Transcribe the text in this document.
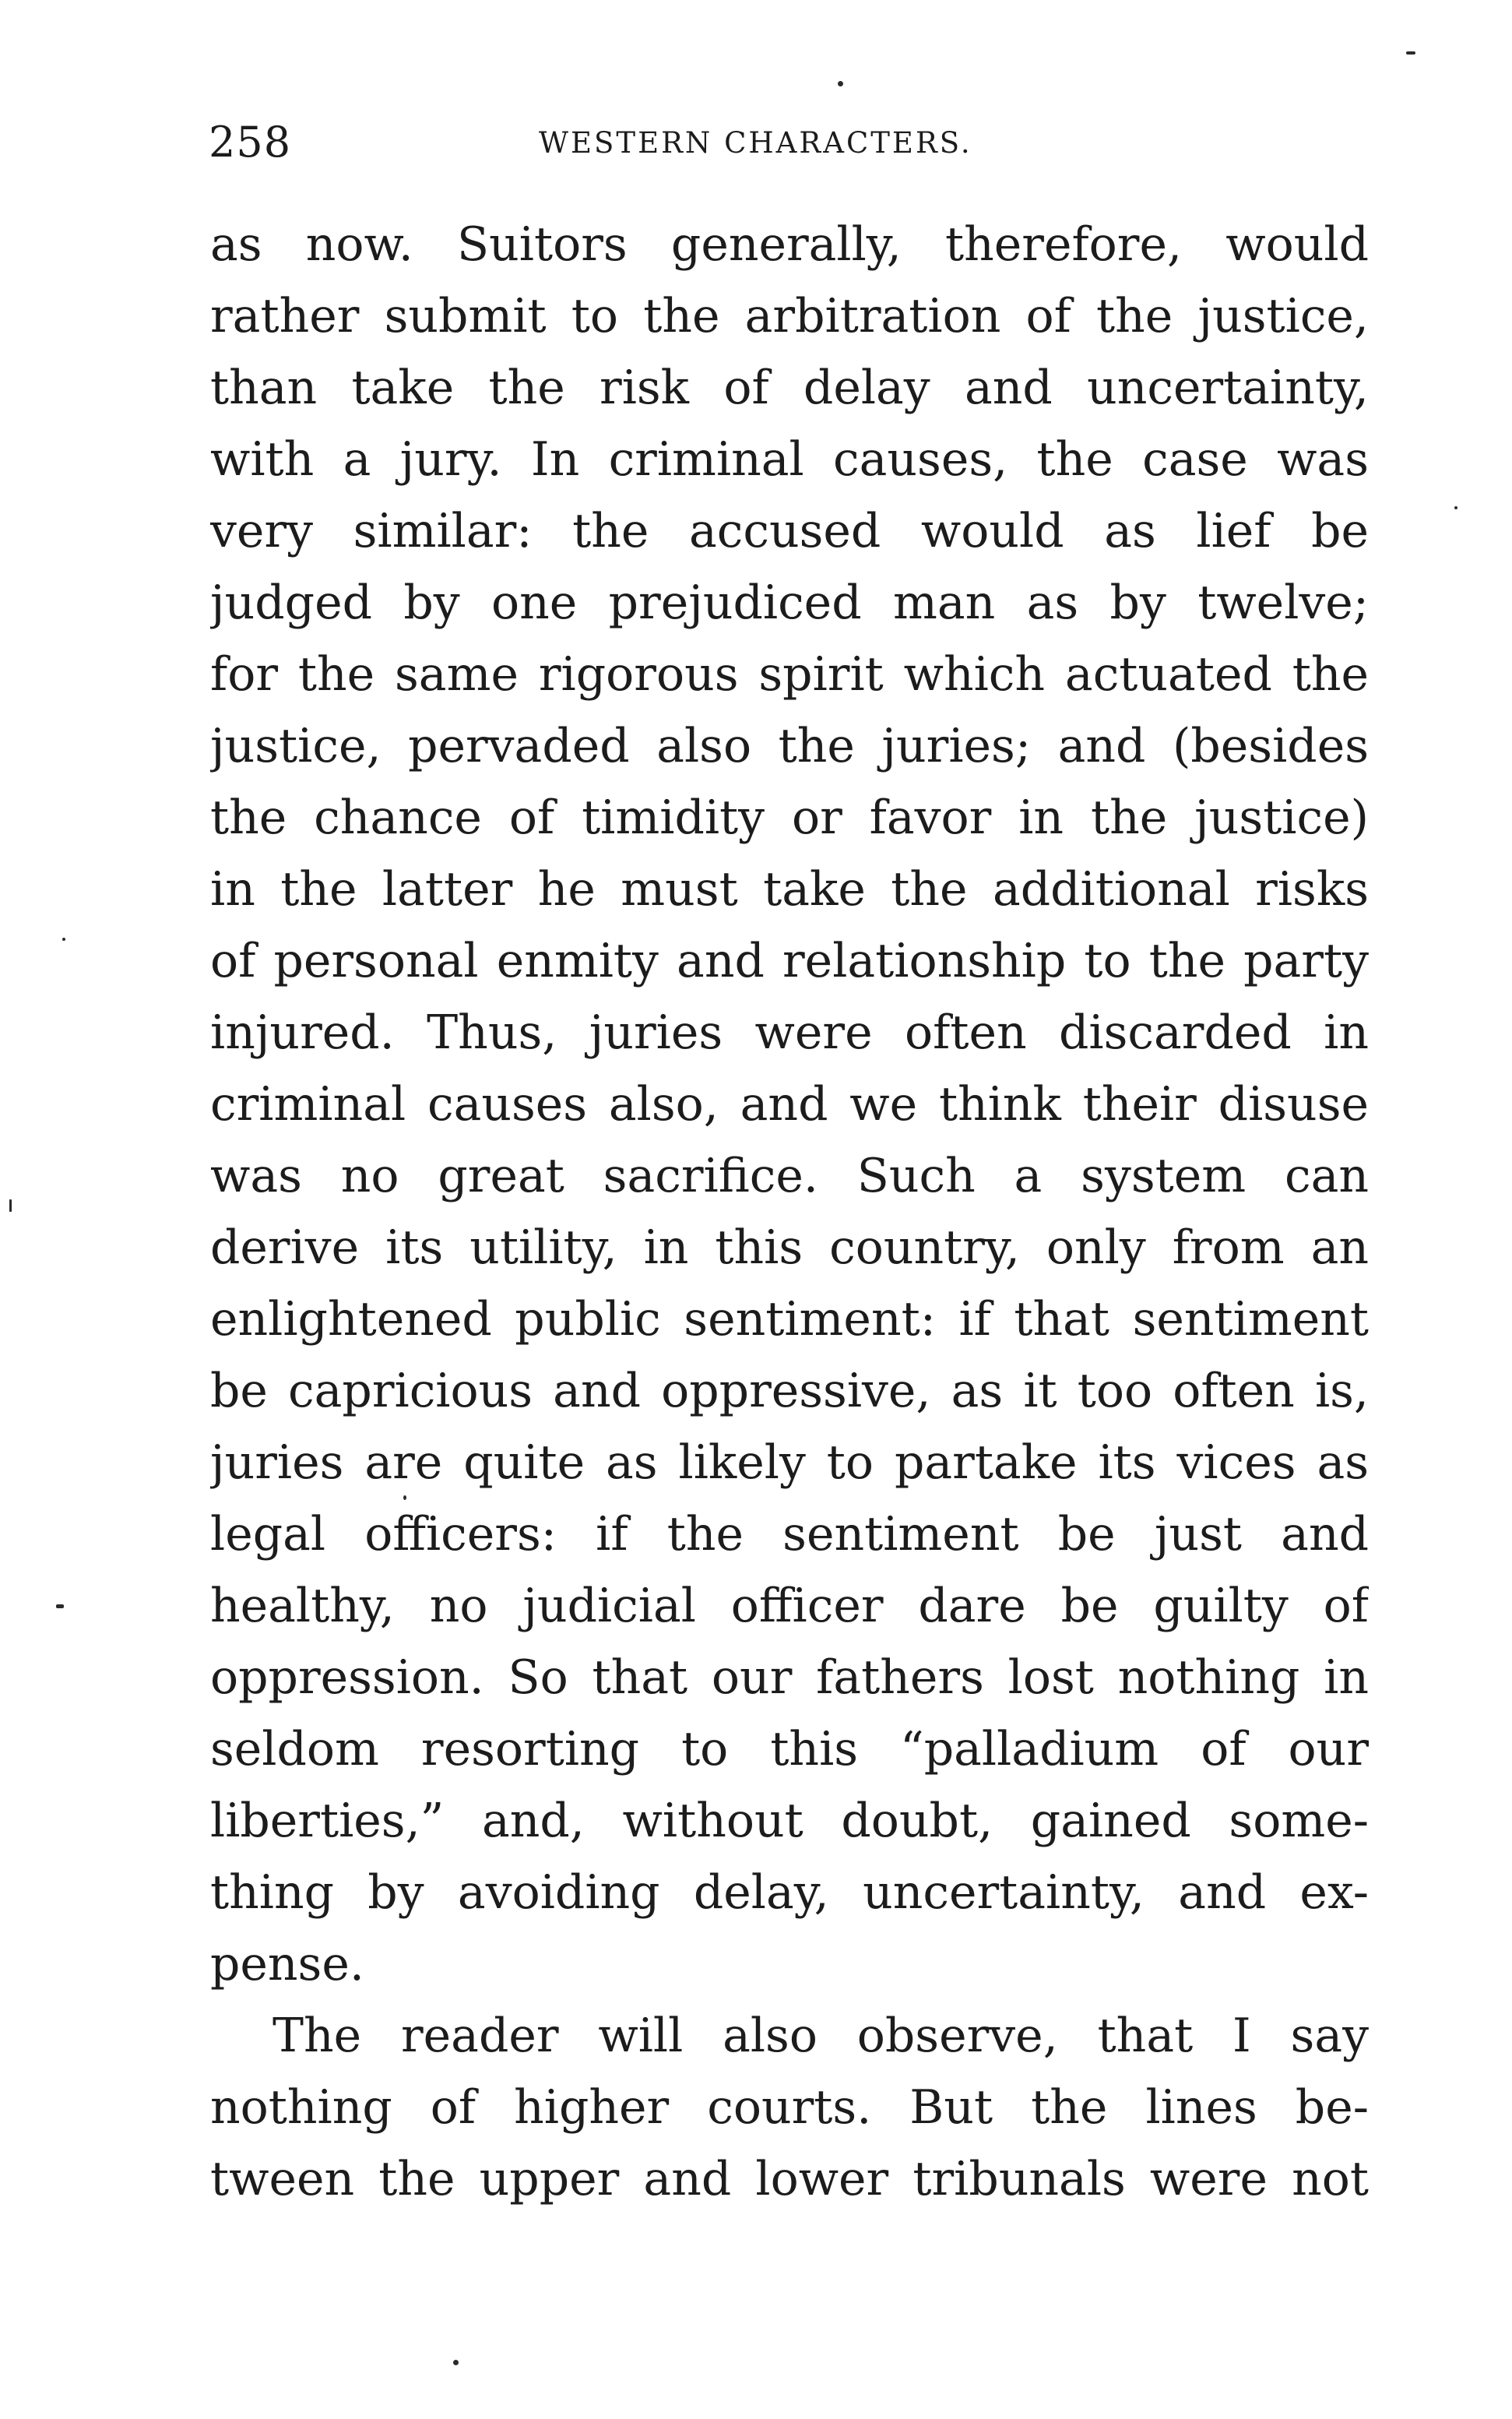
258	WESTERN CHARACTERS.
as now. Suitors generally, therefore, would
rather submit to the arbitration of the justice,
than take the risk of delay and uncertainty,
with a jury. In criminal causes, the case was
very similar: the accused would as lief be
judged by one prejudiced man as by twelve;
for the same rigorous spirit which actuated the
justice, pervaded also the juries; and (besides
the chance of timidity or favor in the justice)
in the latter he must take the additional risks
of personal enmity and relationship to the party
injured. Thus, juries were often discarded in
criminal causes also, and we think their disuse
was no great sacrifice. Such a system can
derive its utility, in this country, only from an
enlightened public sentiment: if that sentiment
be capricious and oppressive, as it too often is,
juries are quite as likely to partake its vices as
legal officers: if the sentiment be just and
healthy, no judicial officer dare be guilty of
oppression. So that our fathers lost nothing in
seldom resorting to this “palladium of our
liberties,” and, without doubt, gained some-
thing by avoiding delay, uncertainty, and ex-
pense.
The reader will also observe, that I say
nothing of higher courts. But the lines be-
tween the upper and lower tribunals were not
